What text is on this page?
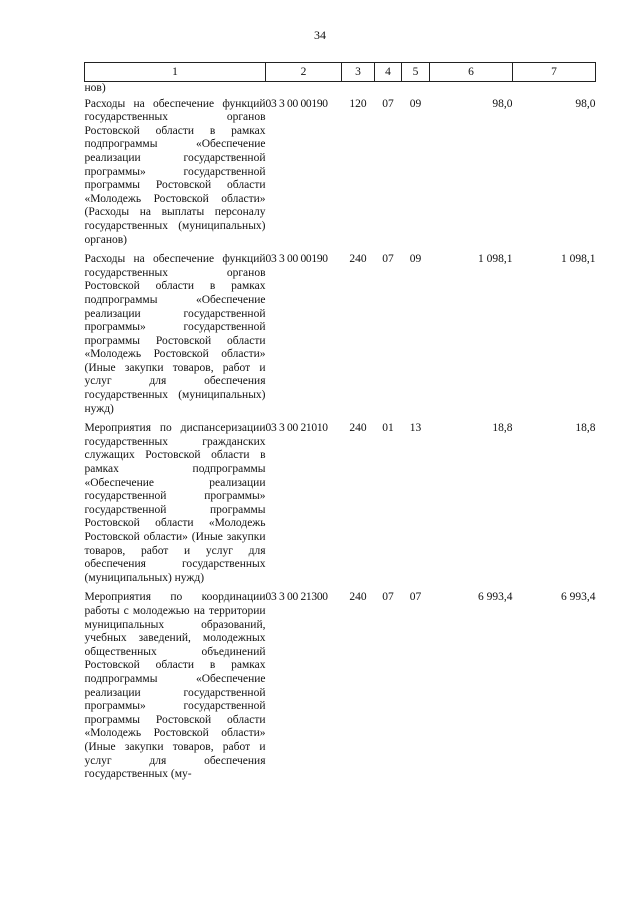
34
1	2	3	4	5	6	7
нов)						
Расходы на обеспечение функций государственных органов Ростовской области в рамках подпрограммы «Обеспечение реализации государственной программы» государственной программы Ростовской области «Молодежь Ростовской области» (Расходы на выплаты персоналу государственных (муниципальных) органов)	03 3 00 00190	120	07	09	98,0	98,0
Расходы на обеспечение функций государственных органов Ростовской области в рамках подпрограммы «Обеспечение реализации государственной программы» государственной программы Ростовской области «Молодежь Ростовской области» (Иные закупки товаров, работ и услуг для обеспечения государственных (муниципальных) нужд)	03 3 00 00190	240	07	09	1 098,1	1 098,1
Мероприятия по диспансеризации государственных гражданских служащих Ростовской области в рамках подпрограммы «Обеспечение реализации государственной программы» государственной программы Ростовской области «Молодежь Ростовской области» (Иные закупки товаров, работ и услуг для обеспечения государственных (муниципальных) нужд)	03 3 00 21010	240	01	13	18,8	18,8
Мероприятия по координации работы с молодежью на территории муниципальных образований, учебных заведений, молодежных общественных объединений Ростовской области в рамках подпрограммы «Обеспечение реализации государственной программы» государственной программы Ростовской области «Молодежь Ростовской области» (Иные закупки товаров, работ и услуг для обеспечения государственных (му-	03 3 00 21300	240	07	07	6 993,4	6 993,4
